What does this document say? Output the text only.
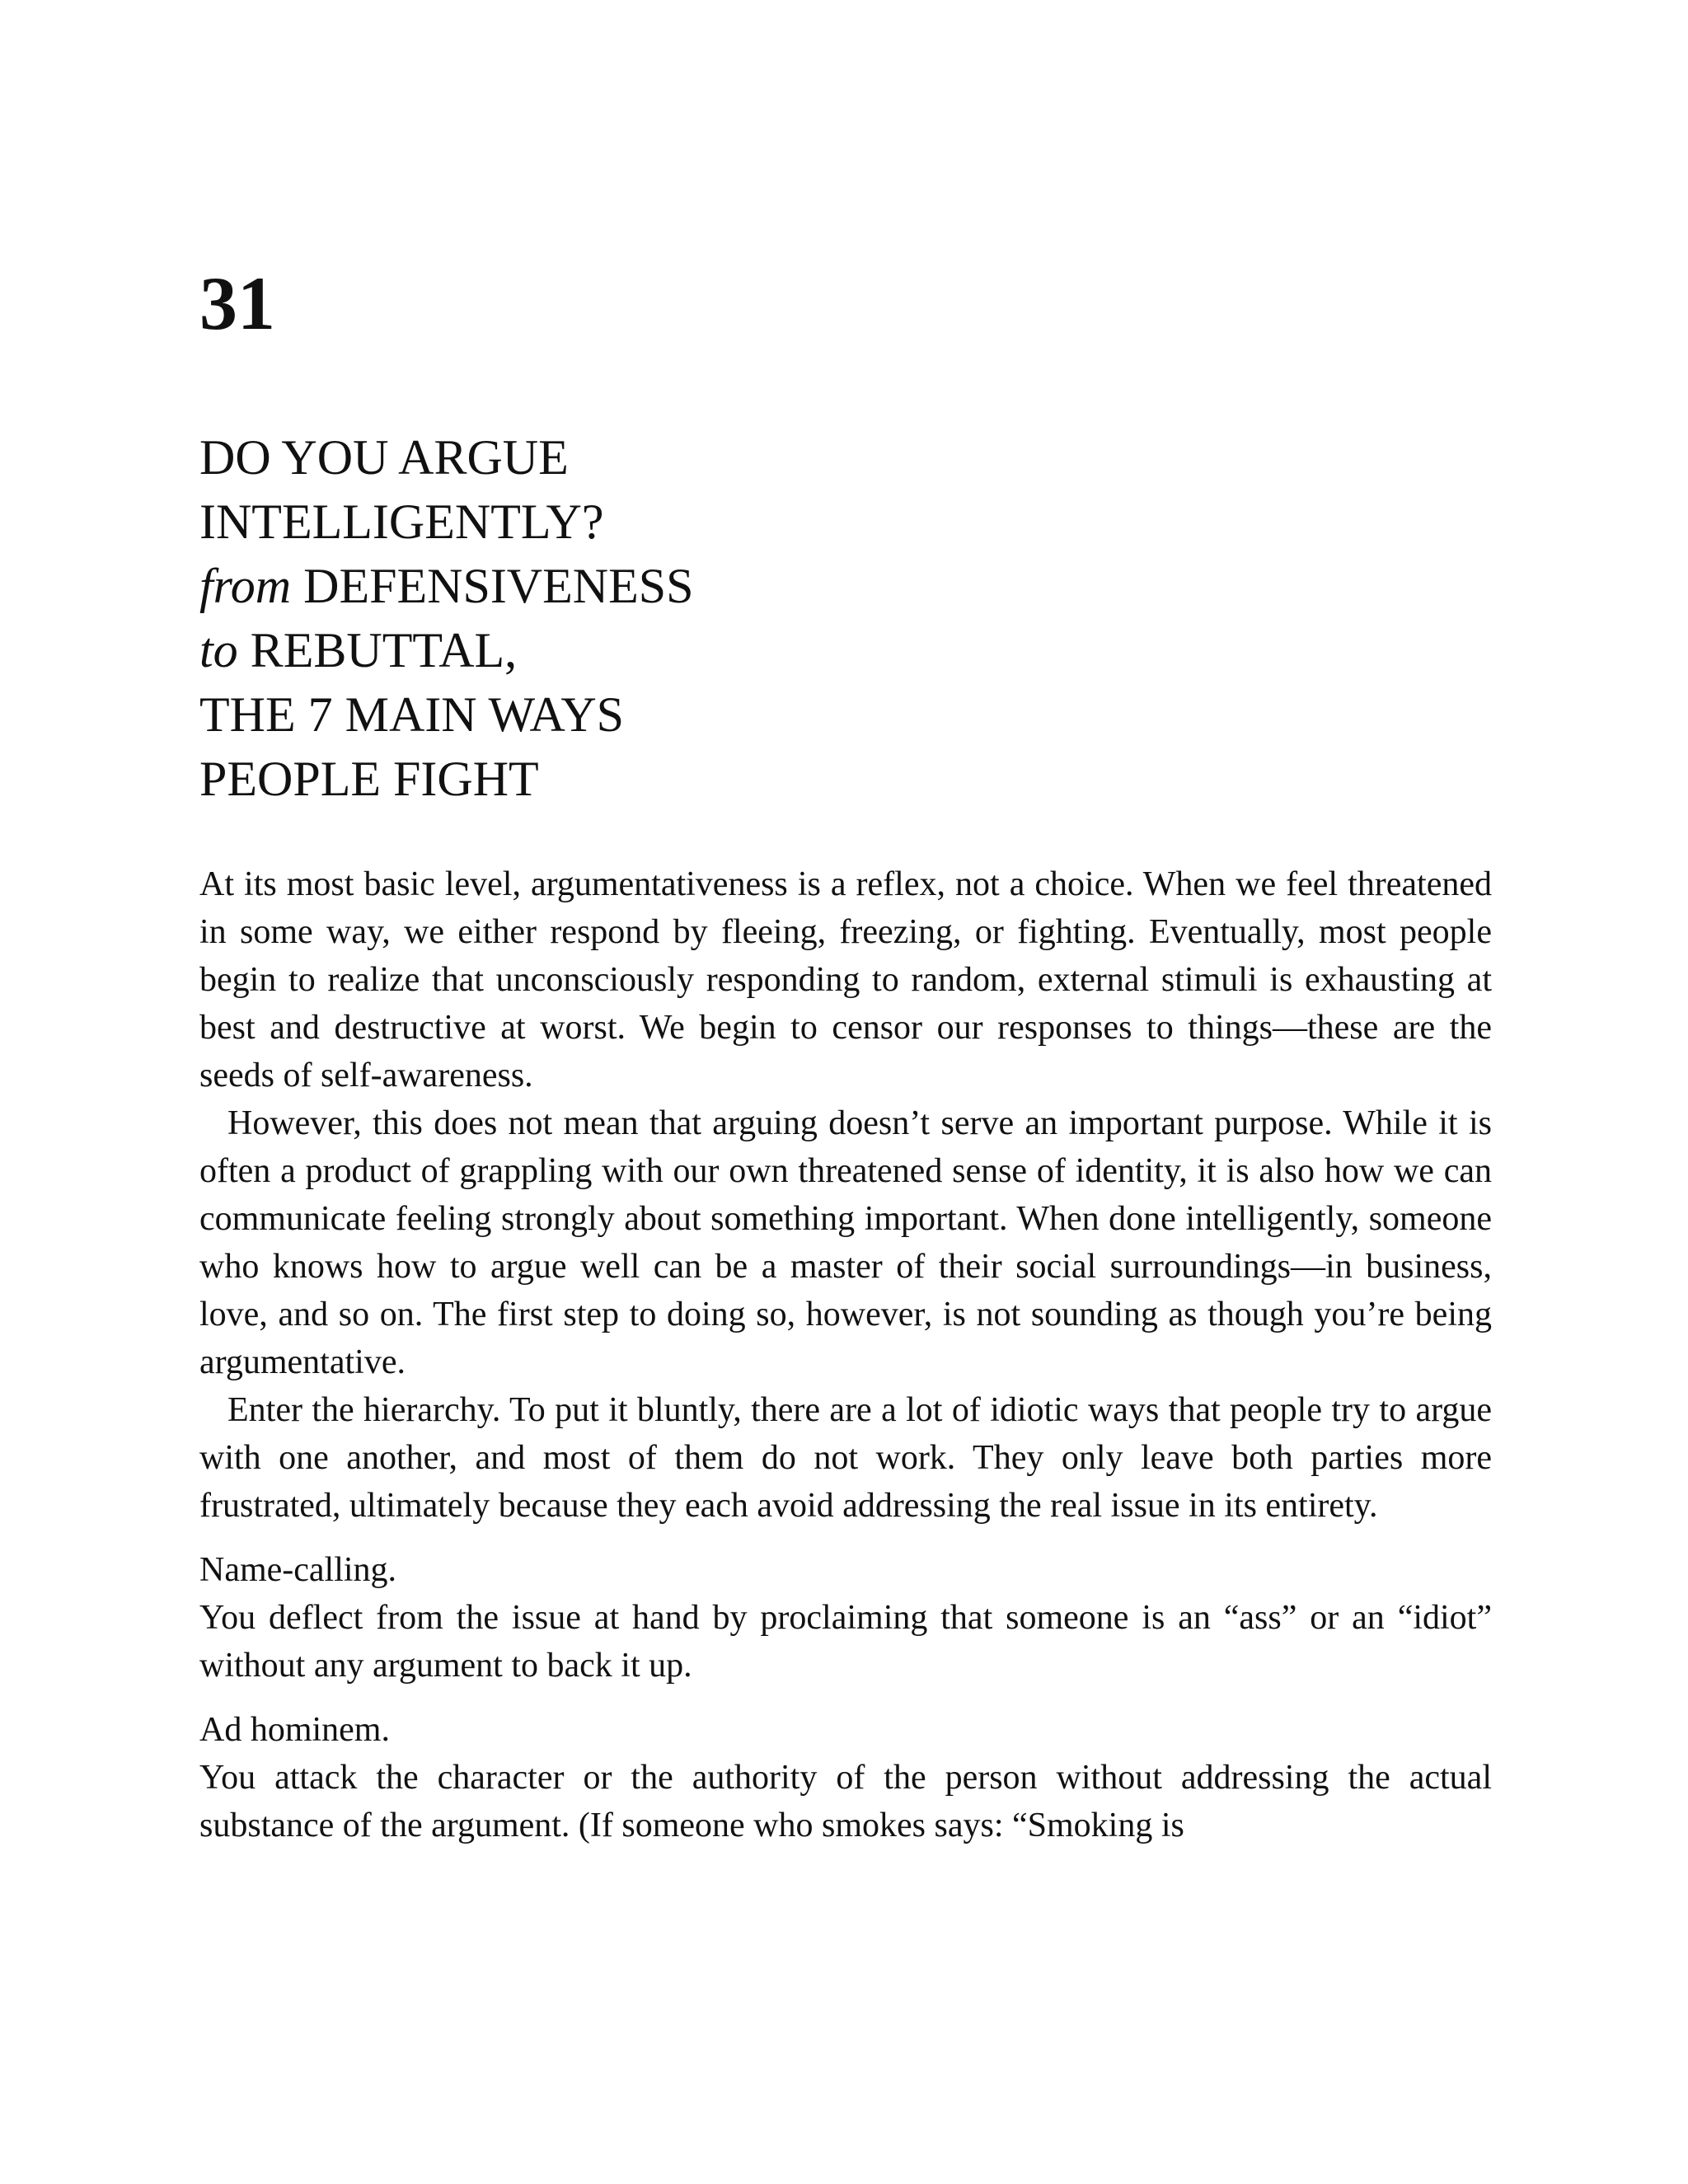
31
DO YOU ARGUE
INTELLIGENTLY?
from DEFENSIVENESS
to REBUTTAL,
THE 7 MAIN WAYS
PEOPLE FIGHT

At its most basic level, argumentativeness is a reflex, not a choice. When we feel threatened in some way, we either respond by fleeing, freezing, or fighting. Eventually, most people begin to realize that unconsciously responding to random, external stimuli is exhausting at best and destructive at worst. We begin to censor our responses to things—these are the seeds of self-awareness.

However, this does not mean that arguing doesn’t serve an important purpose. While it is often a product of grappling with our own threatened sense of identity, it is also how we can communicate feeling strongly about something important. When done intelligently, someone who knows how to argue well can be a master of their social surroundings—in business, love, and so on. The first step to doing so, however, is not sounding as though you’re being argumentative.

Enter the hierarchy. To put it bluntly, there are a lot of idiotic ways that people try to argue with one another, and most of them do not work. They only leave both parties more frustrated, ultimately because they each avoid addressing the real issue in its entirety.

Name-calling.

You deflect from the issue at hand by proclaiming that someone is an “ass” or an “idiot” without any argument to back it up.

Ad hominem.

You attack the character or the authority of the person without addressing the actual substance of the argument. (If someone who smokes says: “Smoking is
